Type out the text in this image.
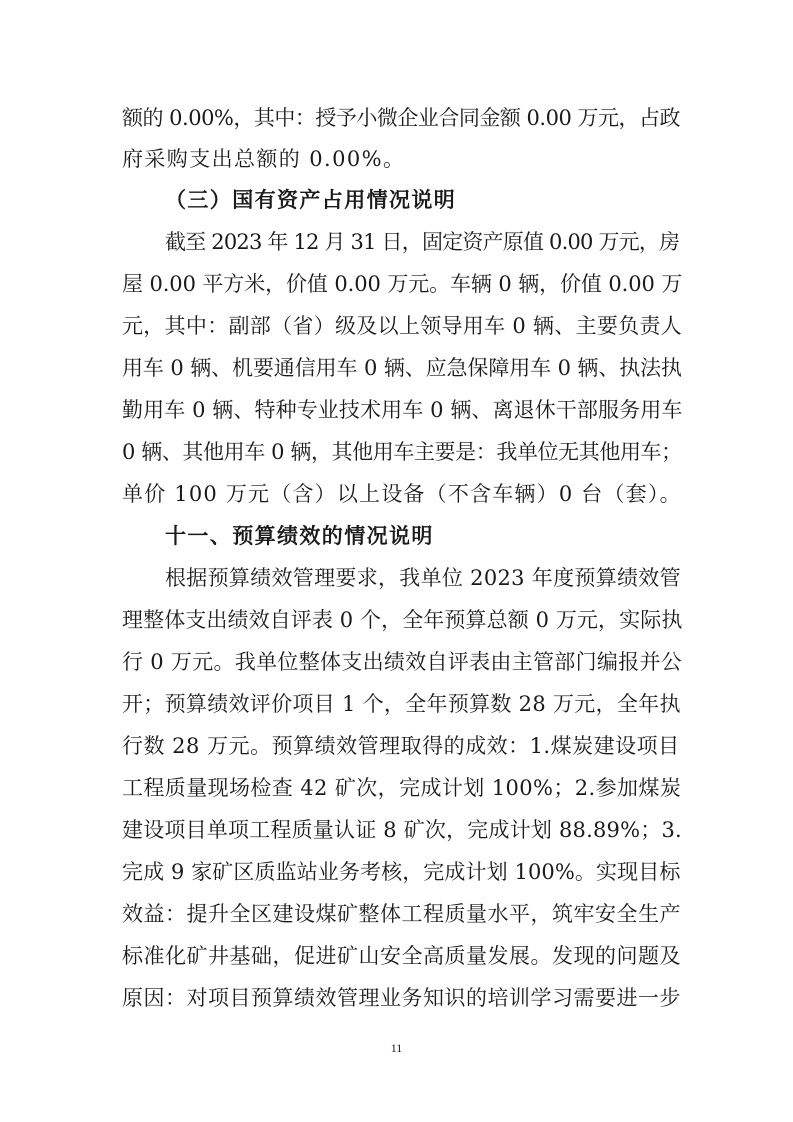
额的 0.00%，其中：授予小微企业合同金额 0.00 万元，占政
府采购支出总额的 0.00%。
（三）国有资产占用情况说明
截至 2023 年 12 月 31 日，固定资产原值 0.00 万元，房
屋 0.00 平方米，价值 0.00 万元。车辆 0 辆，价值 0.00 万
元，其中：副部（省）级及以上领导用车 0 辆、主要负责人
用车 0 辆、机要通信用车 0 辆、应急保障用车 0 辆、执法执
勤用车 0 辆、特种专业技术用车 0 辆、离退休干部服务用车
0 辆、其他用车 0 辆，其他用车主要是：我单位无其他用车；
单价 100 万元（含）以上设备（不含车辆）0 台（套）。
十一、预算绩效的情况说明
根据预算绩效管理要求，我单位 2023 年度预算绩效管
理整体支出绩效自评表 0 个，全年预算总额 0 万元，实际执
行 0 万元。我单位整体支出绩效自评表由主管部门编报并公
开；预算绩效评价项目 1 个，全年预算数 28 万元，全年执
行数 28 万元。预算绩效管理取得的成效：1.煤炭建设项目
工程质量现场检查 42 矿次，完成计划 100%；2.参加煤炭
建设项目单项工程质量认证 8 矿次，完成计划 88.89%；3.
完成 9 家矿区质监站业务考核，完成计划 100%。实现目标
效益：提升全区建设煤矿整体工程质量水平，筑牢安全生产
标准化矿井基础，促进矿山安全高质量发展。发现的问题及
原因：对项目预算绩效管理业务知识的培训学习需要进一步
11
